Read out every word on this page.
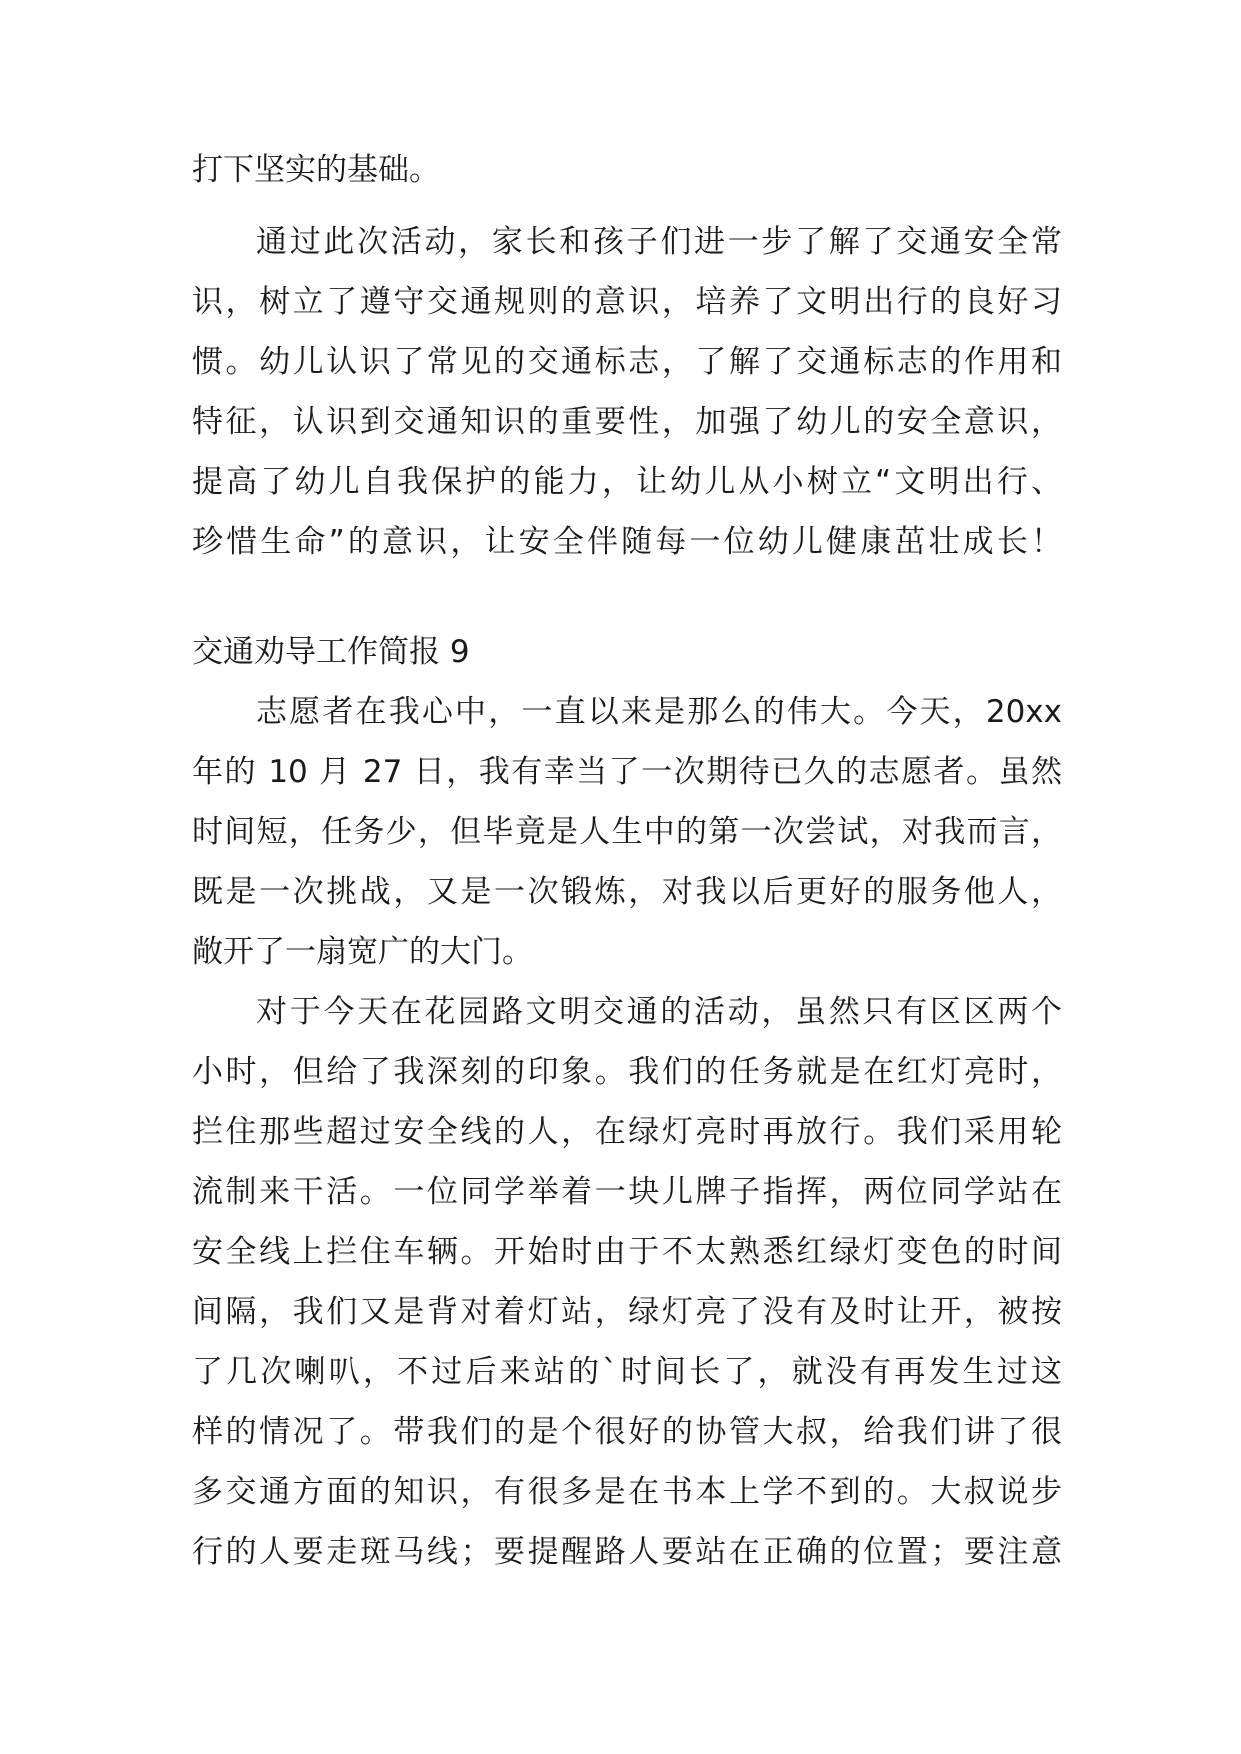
打下坚实的基础。
通过此次活动，家长和孩子们进一步了解了交通安全常
识，树立了遵守交通规则的意识，培养了文明出行的良好习
惯。幼儿认识了常见的交通标志，了解了交通标志的作用和
特征，认识到交通知识的重要性，加强了幼儿的安全意识，
提高了幼儿自我保护的能力，让幼儿从小树立“文明出行、
珍惜生命”的意识，让安全伴随每一位幼儿健康茁壮成长！
交通劝导工作简报 9
志愿者在我心中，一直以来是那么的伟大。今天，20xx
年的 10 月 27 日，我有幸当了一次期待已久的志愿者。虽然
时间短，任务少，但毕竟是人生中的第一次尝试，对我而言，
既是一次挑战，又是一次锻炼，对我以后更好的服务他人，
敞开了一扇宽广的大门。
对于今天在花园路文明交通的活动，虽然只有区区两个
小时，但给了我深刻的印象。我们的任务就是在红灯亮时，
拦住那些超过安全线的人，在绿灯亮时再放行。我们采用轮
流制来干活。一位同学举着一块儿牌子指挥，两位同学站在
安全线上拦住车辆。开始时由于不太熟悉红绿灯变色的时间
间隔，我们又是背对着灯站，绿灯亮了没有及时让开，被按
了几次喇叭，不过后来站的`时间长了，就没有再发生过这
样的情况了。带我们的是个很好的协管大叔，给我们讲了很
多交通方面的知识，有很多是在书本上学不到的。大叔说步
行的人要走斑马线；要提醒路人要站在正确的位置；要注意
